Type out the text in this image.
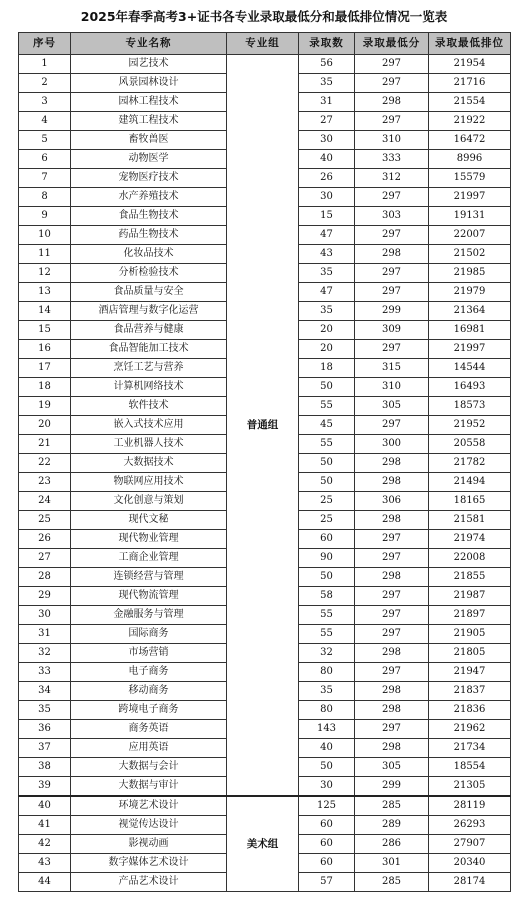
2025年春季高考3+证书各专业录取最低分和最低排位情况一览表
序号	专业名称	专业组	录取数	录取最低分	录取最低排位
1	园艺技术	普通组	56	297	21954
2	风景园林设计		35	297	21716
3	园林工程技术		31	298	21554
4	建筑工程技术		27	297	21922
5	畜牧兽医		30	310	16472
6	动物医学		40	333	8996
7	宠物医疗技术		26	312	15579
8	水产养殖技术		30	297	21997
9	食品生物技术		15	303	19131
10	药品生物技术		47	297	22007
11	化妆品技术		43	298	21502
12	分析检验技术		35	297	21985
13	食品质量与安全		47	297	21979
14	酒店管理与数字化运营		35	299	21364
15	食品营养与健康		20	309	16981
16	食品智能加工技术		20	297	21997
17	烹饪工艺与营养		18	315	14544
18	计算机网络技术		50	310	16493
19	软件技术		55	305	18573
20	嵌入式技术应用		45	297	21952
21	工业机器人技术		55	300	20558
22	大数据技术		50	298	21782
23	物联网应用技术		50	298	21494
24	文化创意与策划		25	306	18165
25	现代文秘		25	298	21581
26	现代物业管理		60	297	21974
27	工商企业管理		90	297	22008
28	连锁经营与管理		50	298	21855
29	现代物流管理		58	297	21987
30	金融服务与管理		55	297	21897
31	国际商务		55	297	21905
32	市场营销		32	298	21805
33	电子商务		80	297	21947
34	移动商务		35	298	21837
35	跨境电子商务		80	298	21836
36	商务英语		143	297	21962
37	应用英语		40	298	21734
38	大数据与会计		50	305	18554
39	大数据与审计		30	299	21305
40	环境艺术设计	美术组	125	285	28119
41	视觉传达设计		60	289	26293
42	影视动画		60	286	27907
43	数字媒体艺术设计		60	301	20340
44	产品艺术设计		57	285	28174
